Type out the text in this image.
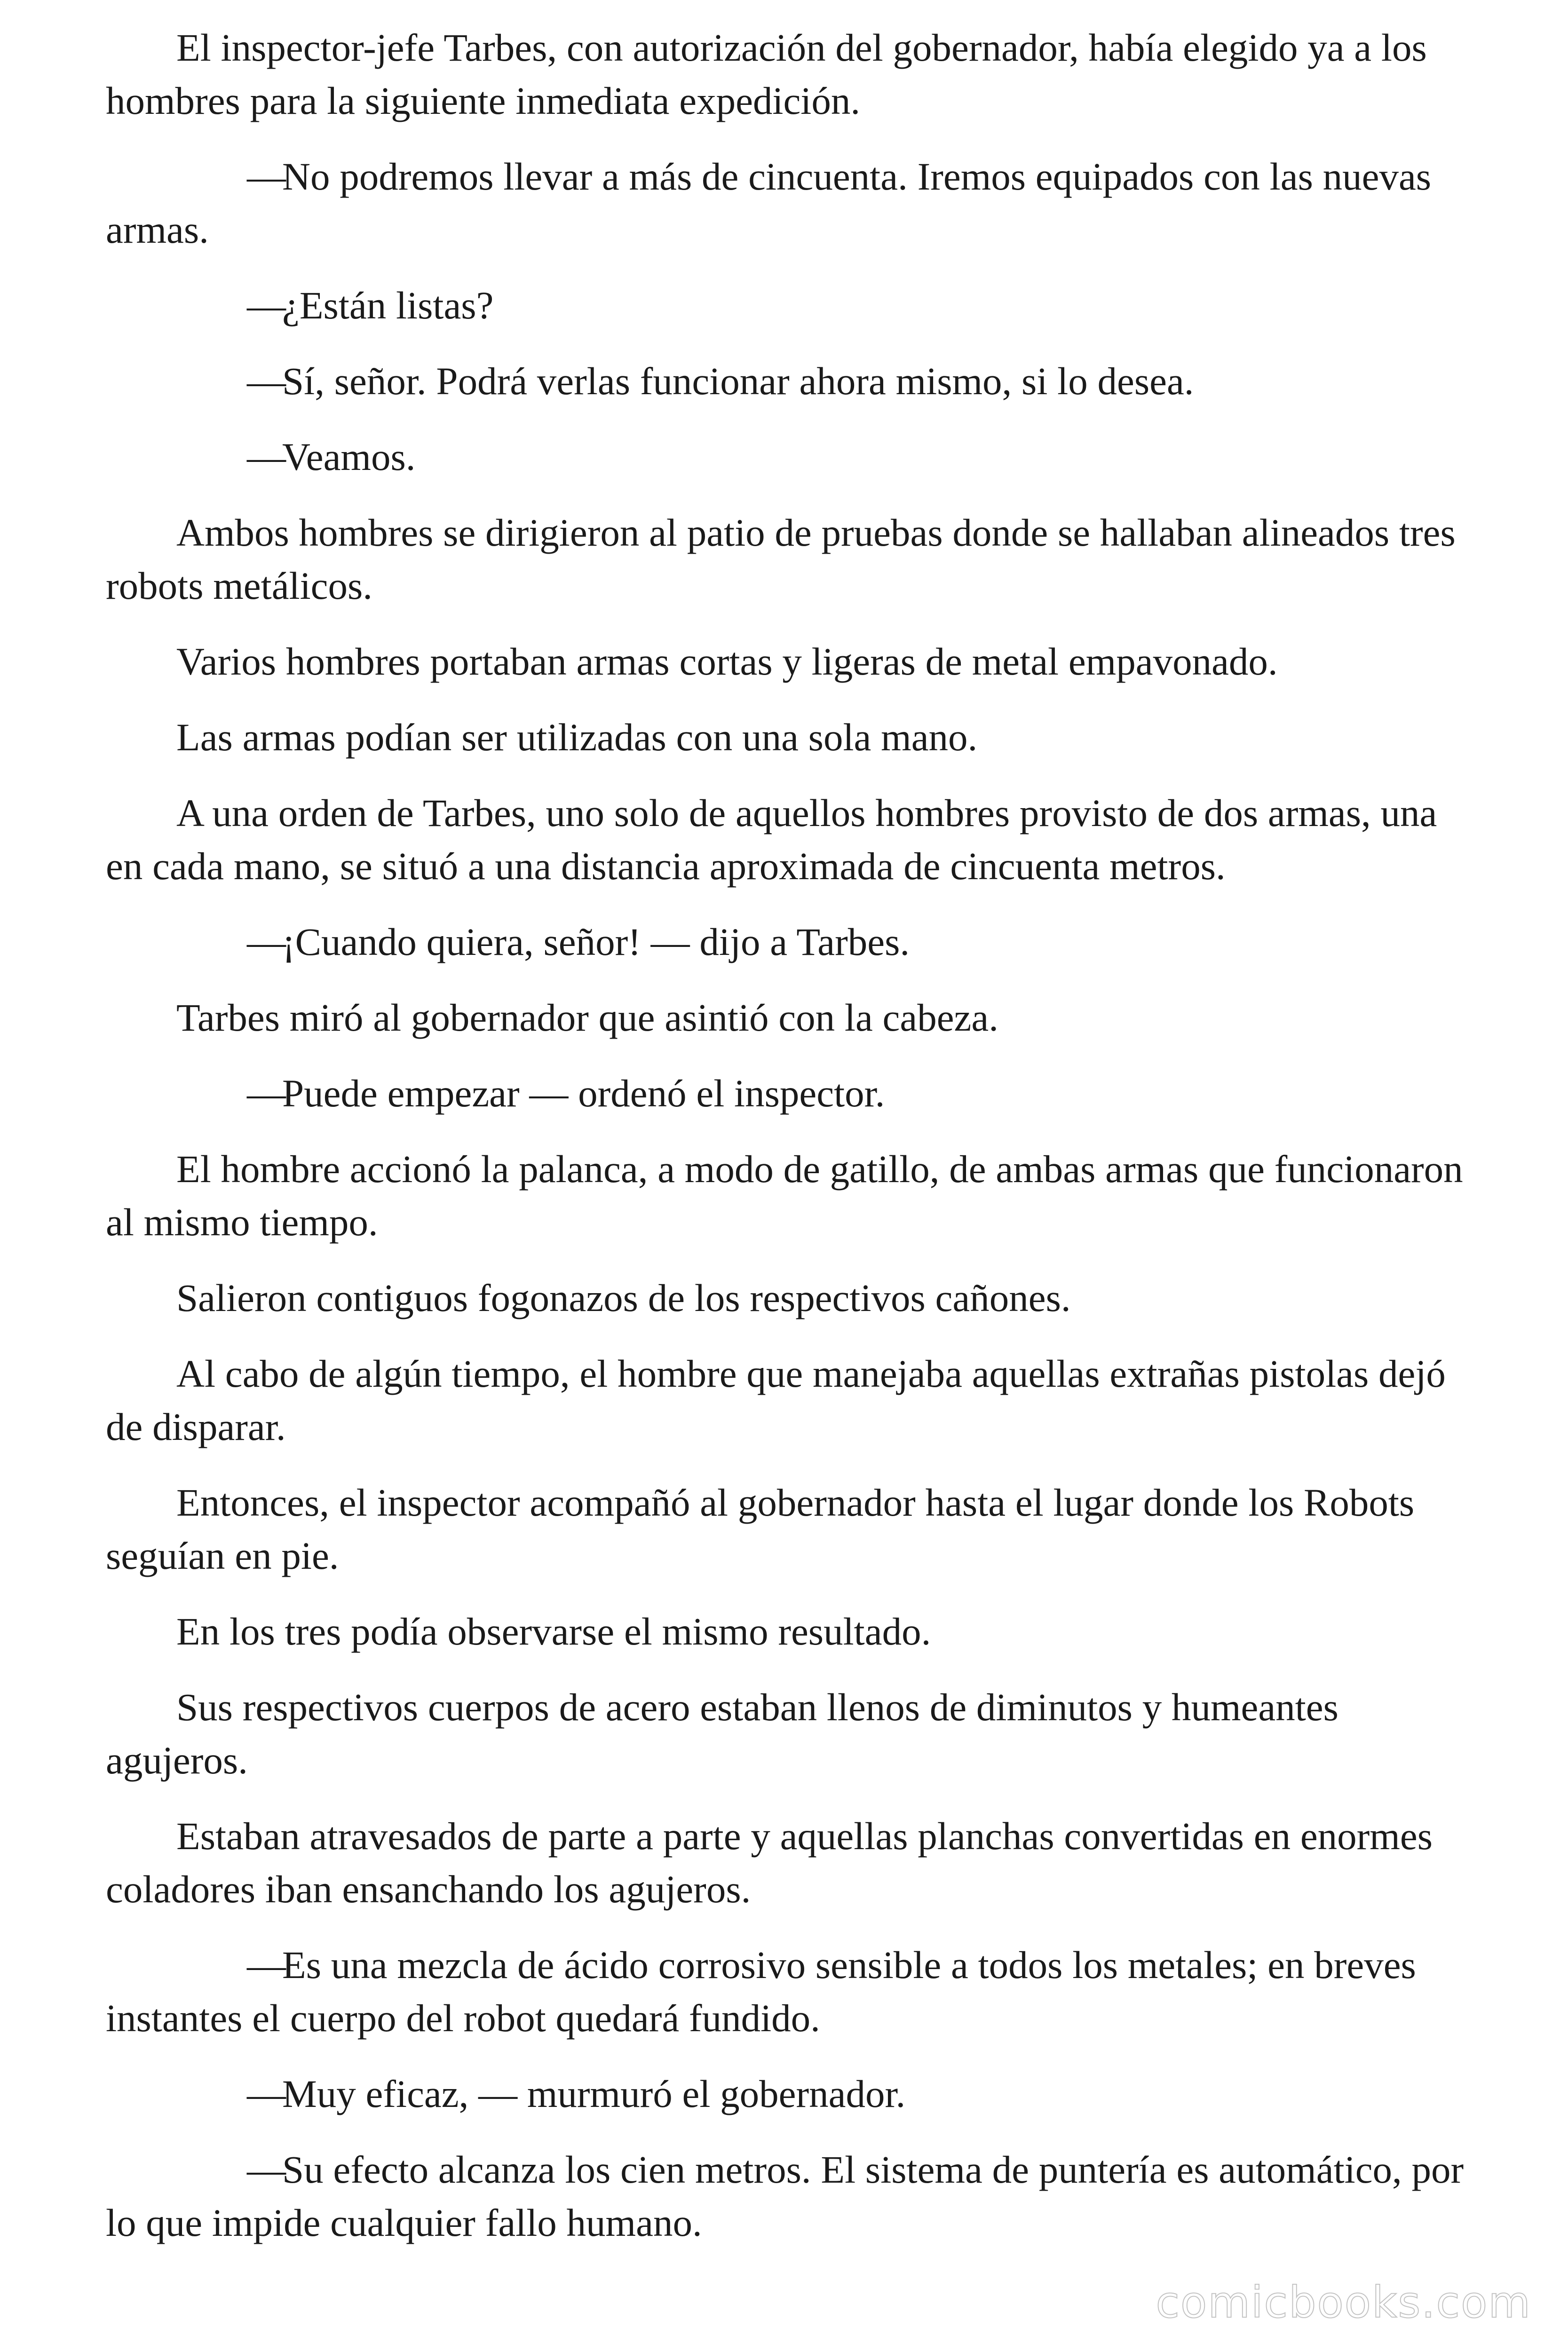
El inspector-jefe Tarbes, con autorización del gobernador, había elegido ya a los hombres para la siguiente inmediata expedición.

—No podremos llevar a más de cincuenta. Iremos equipados con las nuevas armas.

—¿Están listas?

—Sí, señor. Podrá verlas funcionar ahora mismo, si lo desea.

—Veamos.

Ambos hombres se dirigieron al patio de pruebas donde se hallaban alineados tres robots metálicos.

Varios hombres portaban armas cortas y ligeras de metal empavonado.

Las armas podían ser utilizadas con una sola mano.

A una orden de Tarbes, uno solo de aquellos hombres provisto de dos armas, una en cada mano, se situó a una distancia aproximada de cincuenta metros.

—¡Cuando quiera, señor! — dijo a Tarbes.

Tarbes miró al gobernador que asintió con la cabeza.

—Puede empezar — ordenó el inspector.

El hombre accionó la palanca, a modo de gatillo, de ambas armas que funcionaron al mismo tiempo.

Salieron contiguos fogonazos de los respectivos cañones.

Al cabo de algún tiempo, el hombre que manejaba aquellas extrañas pistolas dejó de disparar.

Entonces, el inspector acompañó al gobernador hasta el lugar donde los Robots seguían en pie.

En los tres podía observarse el mismo resultado.

Sus respectivos cuerpos de acero estaban llenos de diminutos y humeantes agujeros.

Estaban atravesados de parte a parte y aquellas planchas convertidas en enormes coladores iban ensanchando los agujeros.

—Es una mezcla de ácido corrosivo sensible a todos los metales; en breves instantes el cuerpo del robot quedará fundido.

—Muy eficaz, — murmuró el gobernador.

—Su efecto alcanza los cien metros. El sistema de puntería es automático, por lo que impide cualquier fallo humano.

comicbooks.com
